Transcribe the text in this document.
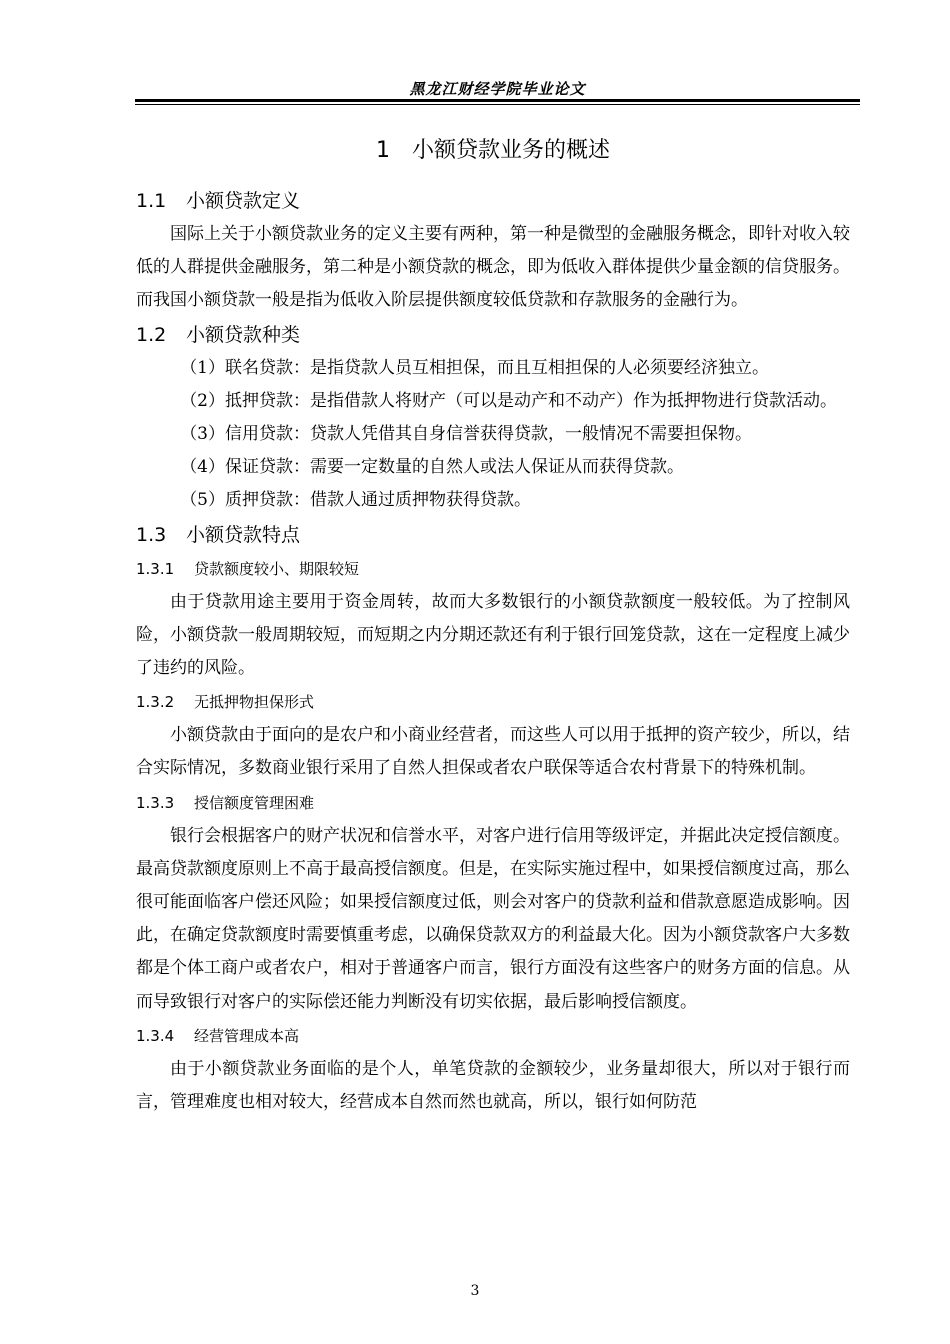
黑龙江财经学院毕业论文
1 小额贷款业务的概述
1.1 小额贷款定义

国际上关于小额贷款业务的定义主要有两种，第一种是微型的金融服务概念，即针对收入较低的人群提供金融服务，第二种是小额贷款的概念，即为低收入群体提供少量金额的信贷服务。而我国小额贷款一般是指为低收入阶层提供额度较低贷款和存款服务的金融行为。

1.2 小额贷款种类

（1）联名贷款：是指贷款人员互相担保，而且互相担保的人必须要经济独立。

（2）抵押贷款：是指借款人将财产（可以是动产和不动产）作为抵押物进行贷款活动。

（3）信用贷款：贷款人凭借其自身信誉获得贷款，一般情况不需要担保物。

（4）保证贷款：需要一定数量的自然人或法人保证从而获得贷款。

（5）质押贷款：借款人通过质押物获得贷款。

1.3 小额贷款特点
1.3.1 贷款额度较小、期限较短

由于贷款用途主要用于资金周转，故而大多数银行的小额贷款额度一般较低。为了控制风险，小额贷款一般周期较短，而短期之内分期还款还有利于银行回笼贷款，这在一定程度上减少了违约的风险。

1.3.2 无抵押物担保形式

小额贷款由于面向的是农户和小商业经营者，而这些人可以用于抵押的资产较少，所以，结合实际情况，多数商业银行采用了自然人担保或者农户联保等适合农村背景下的特殊机制。

1.3.3 授信额度管理困难

银行会根据客户的财产状况和信誉水平，对客户进行信用等级评定，并据此决定授信额度。最高贷款额度原则上不高于最高授信额度。但是，在实际实施过程中，如果授信额度过高，那么很可能面临客户偿还风险；如果授信额度过低，则会对客户的贷款利益和借款意愿造成影响。因此，在确定贷款额度时需要慎重考虑，以确保贷款双方的利益最大化。因为小额贷款客户大多数都是个体工商户或者农户，相对于普通客户而言，银行方面没有这些客户的财务方面的信息。从而导致银行对客户的实际偿还能力判断没有切实依据，最后影响授信额度。

1.3.4 经营管理成本高

由于小额贷款业务面临的是个人，单笔贷款的金额较少，业务量却很大，所以对于银行而言，管理难度也相对较大，经营成本自然而然也就高，所以，银行如何防范

3
